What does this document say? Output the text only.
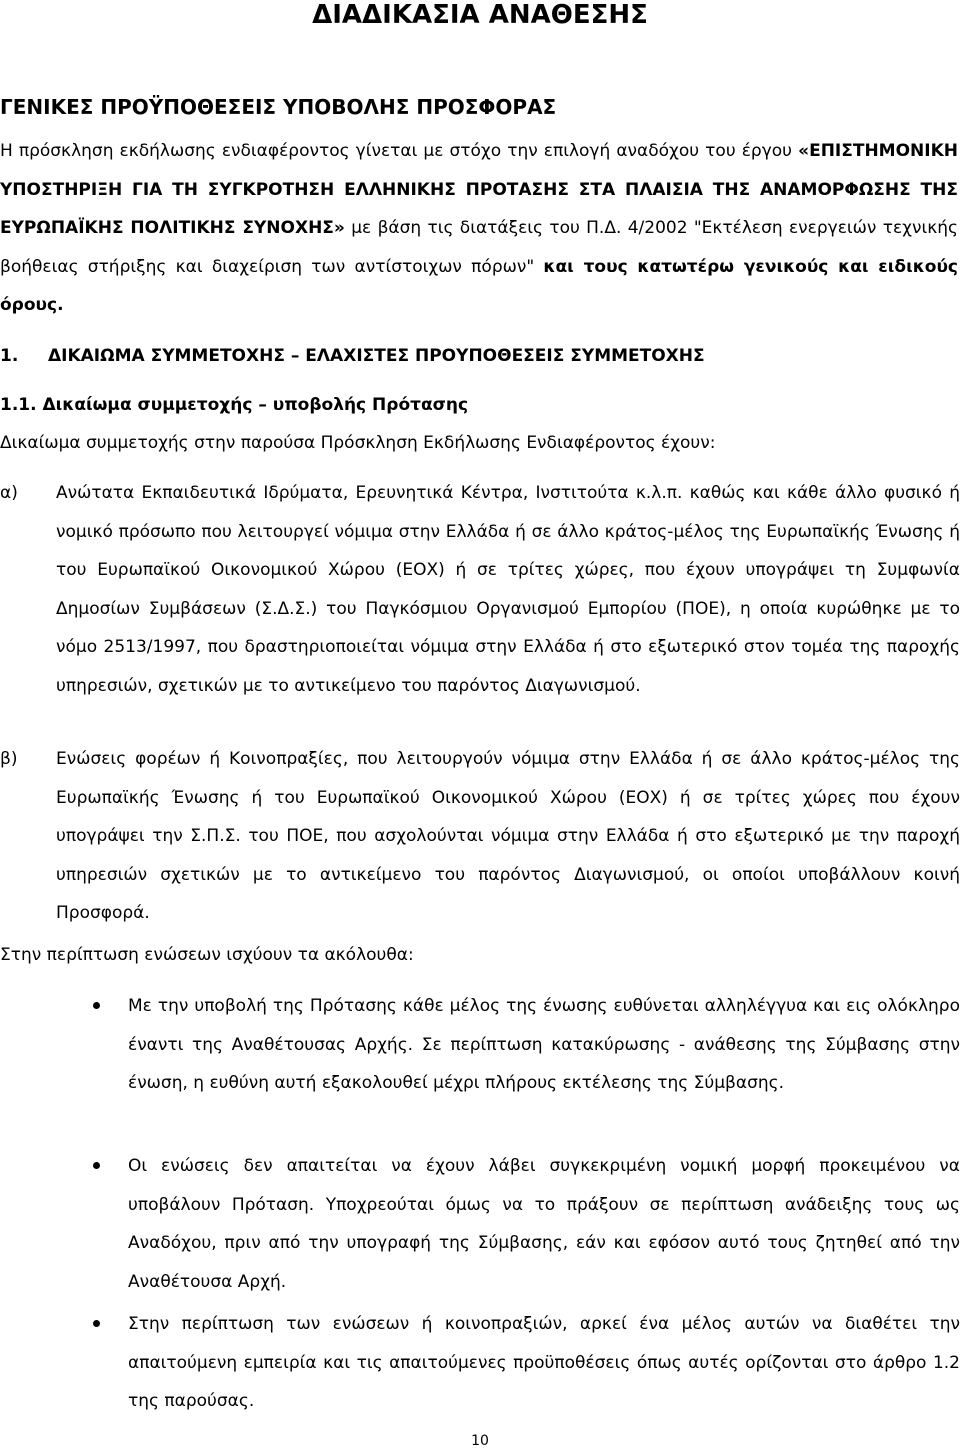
ΔΙΑΔΙΚΑΣΙΑ ΑΝΑΘΕΣΗΣ
ΓΕΝΙΚΕΣ ΠΡΟΫΠΟΘΕΣΕΙΣ ΥΠΟΒΟΛΗΣ ΠΡΟΣΦΟΡΑΣ

Η πρόσκληση εκδήλωσης ενδιαφέροντος γίνεται με στόχο την επιλογή αναδόχου του έργου «ΕΠΙΣΤΗΜΟΝΙΚΗ ΥΠΟΣΤΗΡΙΞΗ ΓΙΑ ΤΗ ΣΥΓΚΡΟΤΗΣΗ ΕΛΛΗΝΙΚΗΣ ΠΡΟΤΑΣΗΣ ΣΤΑ ΠΛΑΙΣΙΑ ΤΗΣ ΑΝΑΜΟΡΦΩΣΗΣ ΤΗΣ ΕΥΡΩΠΑΪΚΗΣ ΠΟΛΙΤΙΚΗΣ ΣΥΝΟΧΗΣ» με βάση τις διατάξεις του Π.Δ. 4/2002 "Εκτέλεση ενεργειών τεχνικής βοήθειας στήριξης και διαχείριση των αντίστοιχων πόρων" και τους κατωτέρω γενικούς και ειδικούς όρους.

1. ΔΙΚΑΙΩΜΑ ΣΥΜΜΕΤΟΧΗΣ – ΕΛΑΧΙΣΤΕΣ ΠΡΟΥΠΟΘΕΣΕΙΣ ΣΥΜΜΕΤΟΧΗΣ

1.1. Δικαίωμα συμμετοχής – υποβολής Πρότασης

Δικαίωμα συμμετοχής στην παρούσα Πρόσκληση Εκδήλωσης Ενδιαφέροντος έχουν:

α) Ανώτατα Εκπαιδευτικά Ιδρύματα, Ερευνητικά Κέντρα, Ινστιτούτα κ.λ.π. καθώς και κάθε άλλο φυσικό ή νομικό πρόσωπο που λειτουργεί νόμιμα στην Ελλάδα ή σε άλλο κράτος-μέλος της Ευρωπαϊκής Ένωσης ή του Ευρωπαϊκού Οικονομικού Χώρου (ΕΟΧ) ή σε τρίτες χώρες, που έχουν υπογράψει τη Συμφωνία Δημοσίων Συμβάσεων (Σ.Δ.Σ.) του Παγκόσμιου Οργανισμού Εμπορίου (ΠΟΕ), η οποία κυρώθηκε με το νόμο 2513/1997, που δραστηριοποιείται νόμιμα στην Ελλάδα ή στο εξωτερικό στον τομέα της παροχής υπηρεσιών, σχετικών με το αντικείμενο του παρόντος Διαγωνισμού.

β) Ενώσεις φορέων ή Κοινοπραξίες, που λειτουργούν νόμιμα στην Ελλάδα ή σε άλλο κράτος-μέλος της Ευρωπαϊκής Ένωσης ή του Ευρωπαϊκού Οικονομικού Χώρου (ΕΟΧ) ή σε τρίτες χώρες που έχουν υπογράψει την Σ.Π.Σ. του ΠΟΕ, που ασχολούνται νόμιμα στην Ελλάδα ή στο εξωτερικό με την παροχή υπηρεσιών σχετικών με το αντικείμενο του παρόντος Διαγωνισμού, οι οποίοι υποβάλλουν κοινή Προσφορά.

Στην περίπτωση ενώσεων ισχύουν τα ακόλουθα:

Με την υποβολή της Πρότασης κάθε μέλος της ένωσης ευθύνεται αλληλέγγυα και εις ολόκληρο έναντι της Αναθέτουσας Αρχής. Σε περίπτωση κατακύρωσης - ανάθεσης της Σύμβασης στην ένωση, η ευθύνη αυτή εξακολουθεί μέχρι πλήρους εκτέλεσης της Σύμβασης.

Οι ενώσεις δεν απαιτείται να έχουν λάβει συγκεκριμένη νομική μορφή προκειμένου να υποβάλουν Πρόταση. Υποχρεούται όμως να το πράξουν σε περίπτωση ανάδειξης τους ως Αναδόχου, πριν από την υπογραφή της Σύμβασης, εάν και εφόσον αυτό τους ζητηθεί από την Αναθέτουσα Αρχή.

Στην περίπτωση των ενώσεων ή κοινοπραξιών, αρκεί ένα μέλος αυτών να διαθέτει την απαιτούμενη εμπειρία και τις απαιτούμενες προϋποθέσεις όπως αυτές ορίζονται στο άρθρο 1.2 της παρούσας.

10
